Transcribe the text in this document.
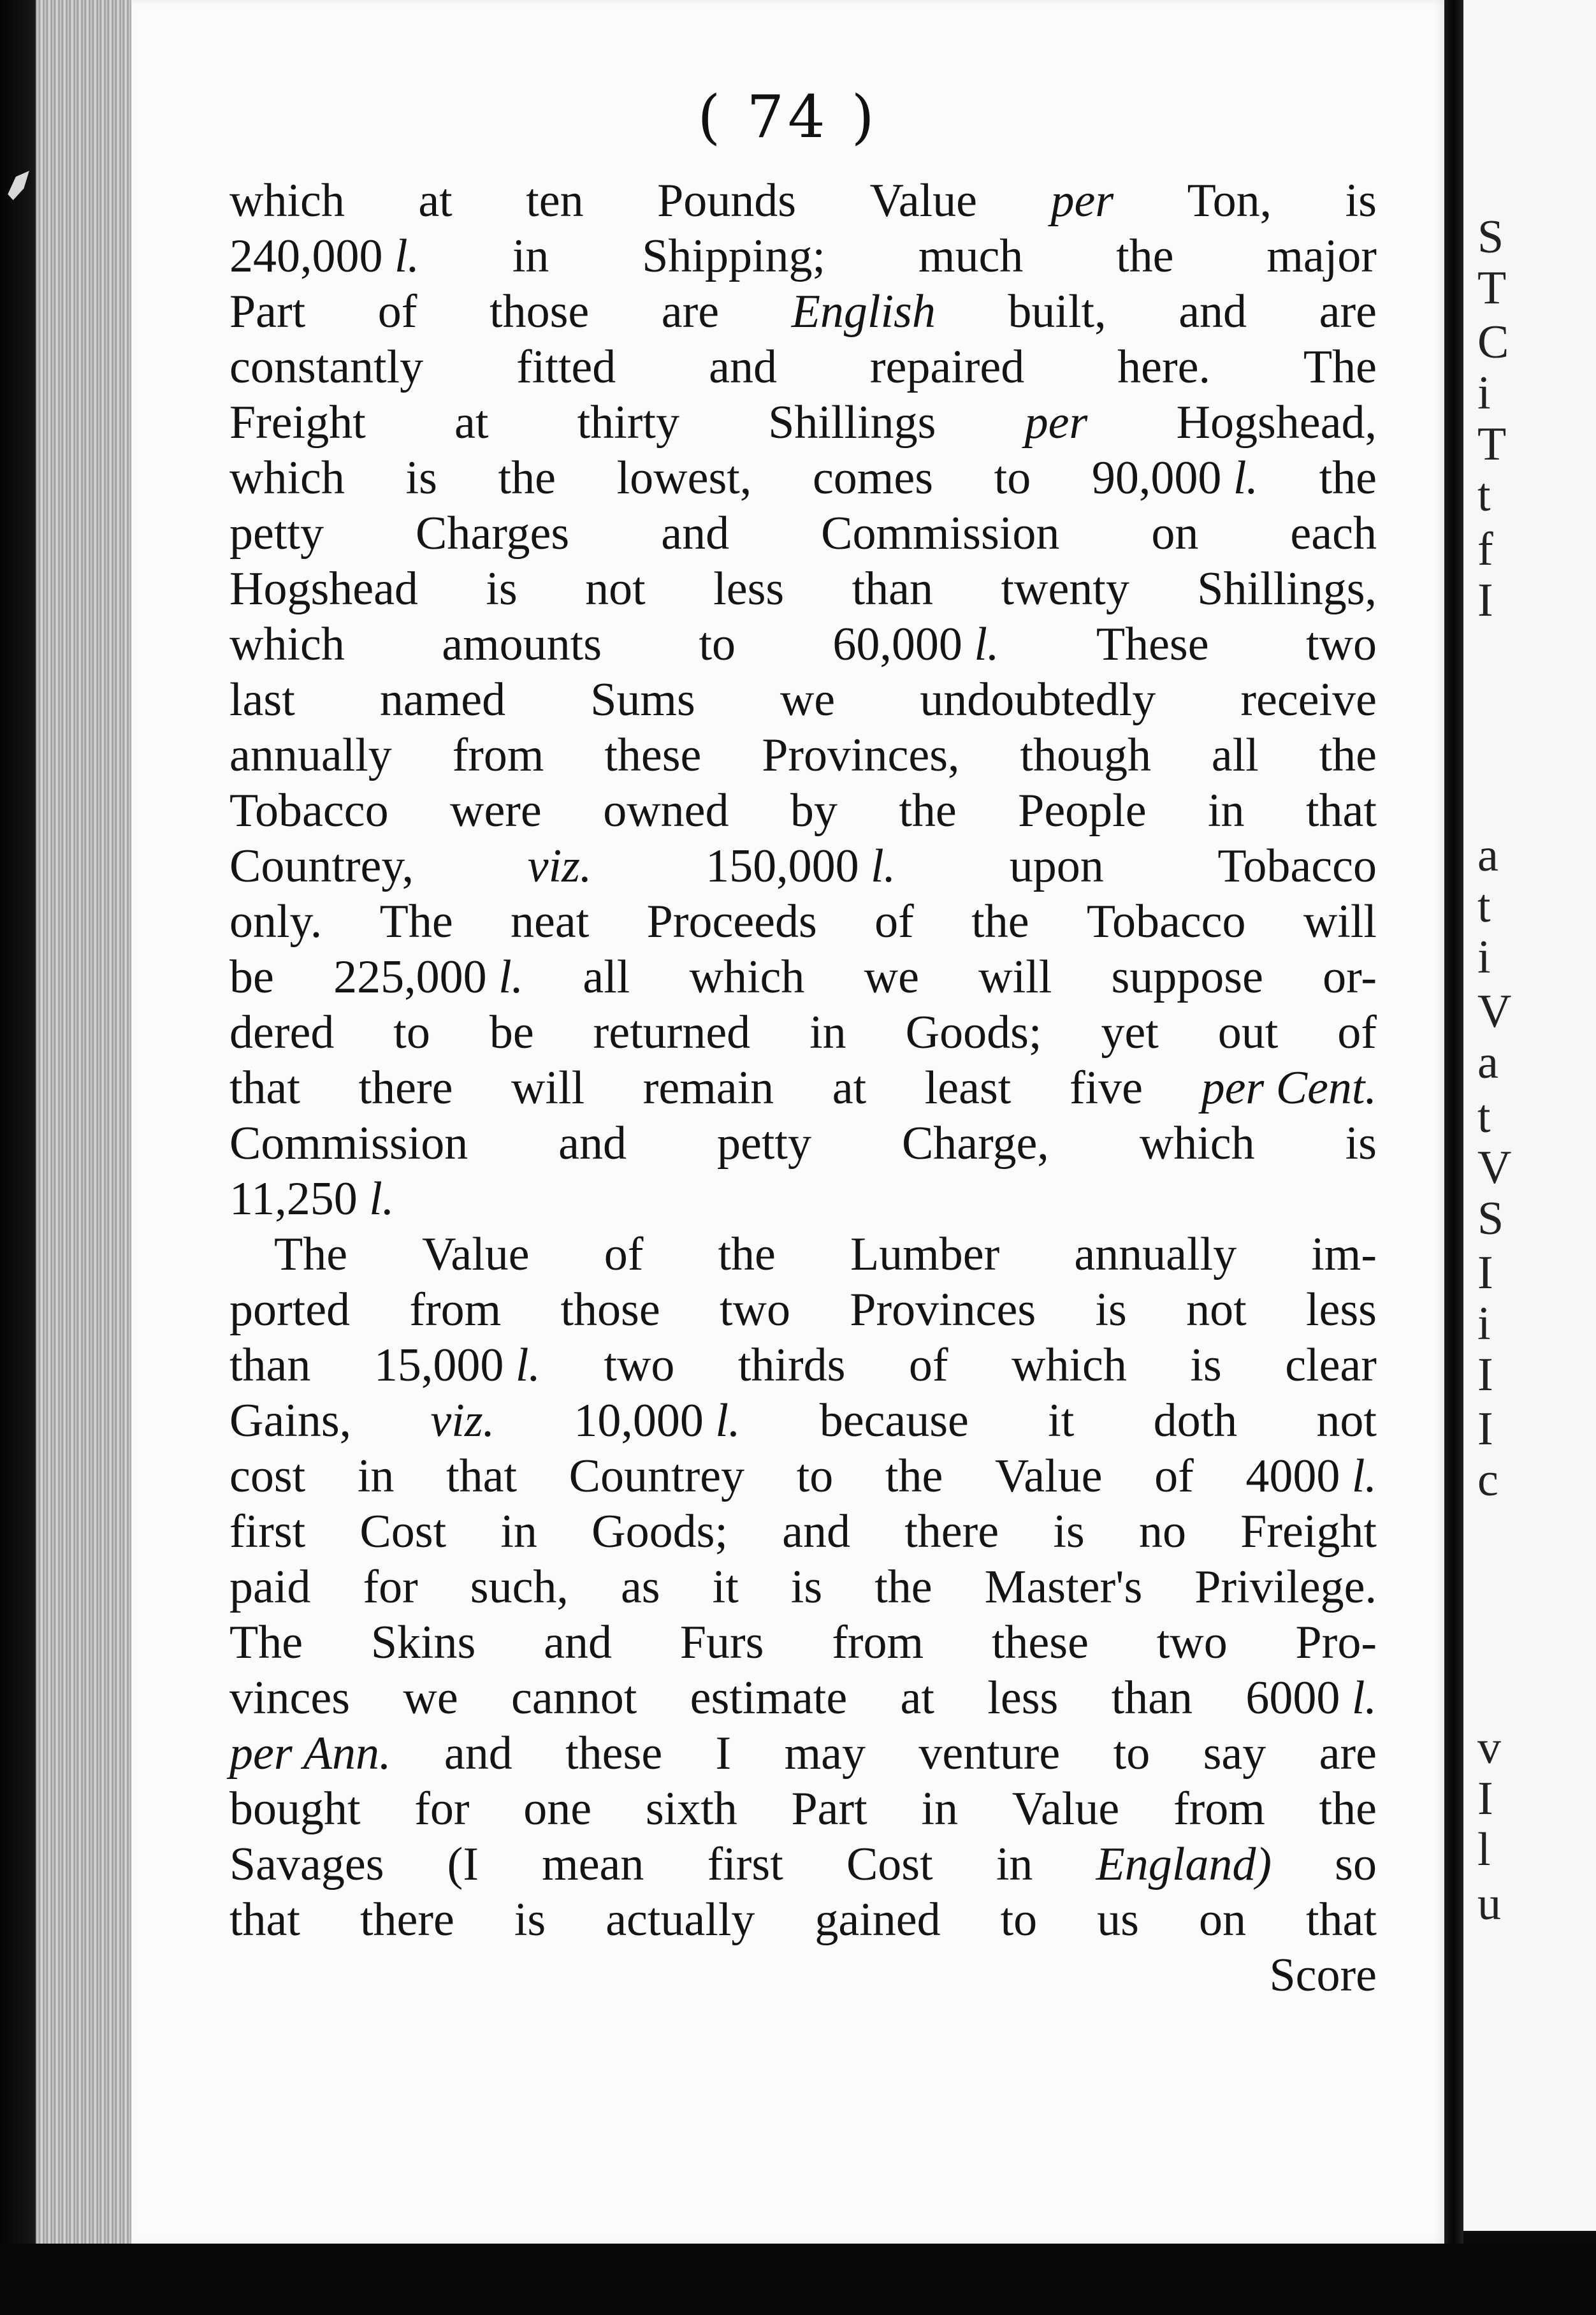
( 74 )
which at ten Pounds Value per Ton, is
240,000 l. in Shipping; much the major
Part of those are English built, and are
constantly fitted and repaired here. The
Freight at thirty Shillings per Hogshead,
which is the lowest, comes to 90,000 l. the
petty Charges and Commission on each
Hogshead is not less than twenty Shillings,
which amounts to 60,000 l. These two
last named Sums we undoubtedly receive
annually from these Provinces, though all the
Tobacco were owned by the People in that
Countrey, viz. 150,000 l. upon Tobacco
only. The neat Proceeds of the Tobacco will
be 225,000 l. all which we will suppose or-
dered to be returned in Goods; yet out of
that there will remain at least five per Cent.
Commission and petty Charge, which is
11,250 l.
The Value of the Lumber annually im-
ported from those two Provinces is not less
than 15,000 l. two thirds of which is clear
Gains, viz. 10,000 l. because it doth not
cost in that Countrey to the Value of 4000 l.
first Cost in Goods; and there is no Freight
paid for such, as it is the Master's Privilege.
The Skins and Furs from these two Pro-
vinces we cannot estimate at less than 6000 l.
per Ann. and these I may venture to say are
bought for one sixth Part in Value from the
Savages (I mean first Cost in England) so
that there is actually gained to us on that
Score
S
T
C
i
T
t
f
I
a
t
i
V
a
t
V
S
I
i
I
I
c
v
I
l
u
